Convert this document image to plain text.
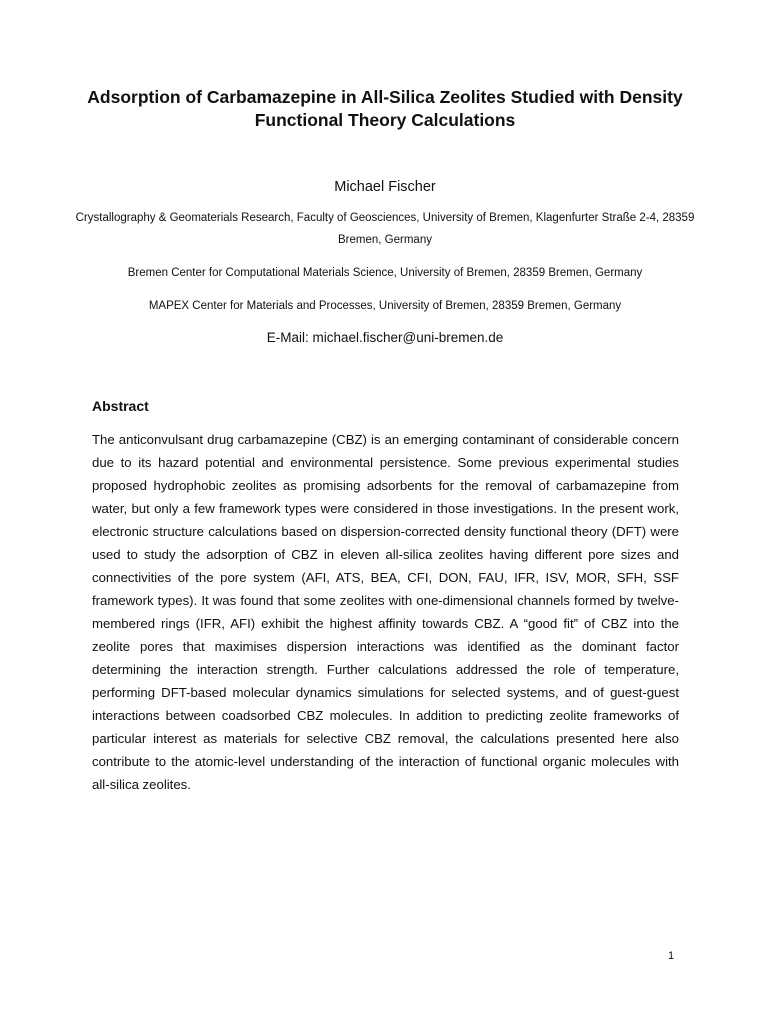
Adsorption of Carbamazepine in All-Silica Zeolites Studied with Density Functional Theory Calculations

Michael Fischer

Crystallography & Geomaterials Research, Faculty of Geosciences, University of Bremen, Klagenfurter Straße 2-4, 28359 Bremen, Germany

Bremen Center for Computational Materials Science, University of Bremen, 28359 Bremen, Germany

MAPEX Center for Materials and Processes, University of Bremen, 28359 Bremen, Germany

E-Mail: michael.fischer@uni-bremen.de

Abstract

The anticonvulsant drug carbamazepine (CBZ) is an emerging contaminant of considerable concern due to its hazard potential and environmental persistence. Some previous experimental studies proposed hydrophobic zeolites as promising adsorbents for the removal of carbamazepine from water, but only a few framework types were considered in those investigations. In the present work, electronic structure calculations based on dispersion-corrected density functional theory (DFT) were used to study the adsorption of CBZ in eleven all-silica zeolites having different pore sizes and connectivities of the pore system (AFI, ATS, BEA, CFI, DON, FAU, IFR, ISV, MOR, SFH, SSF framework types). It was found that some zeolites with one-dimensional channels formed by twelve-membered rings (IFR, AFI) exhibit the highest affinity towards CBZ. A “good fit” of CBZ into the zeolite pores that maximises dispersion interactions was identified as the dominant factor determining the interaction strength. Further calculations addressed the role of temperature, performing DFT-based molecular dynamics simulations for selected systems, and of guest-guest interactions between coadsorbed CBZ molecules. In addition to predicting zeolite frameworks of particular interest as materials for selective CBZ removal, the calculations presented here also contribute to the atomic-level understanding of the interaction of functional organic molecules with all-silica zeolites.

1
